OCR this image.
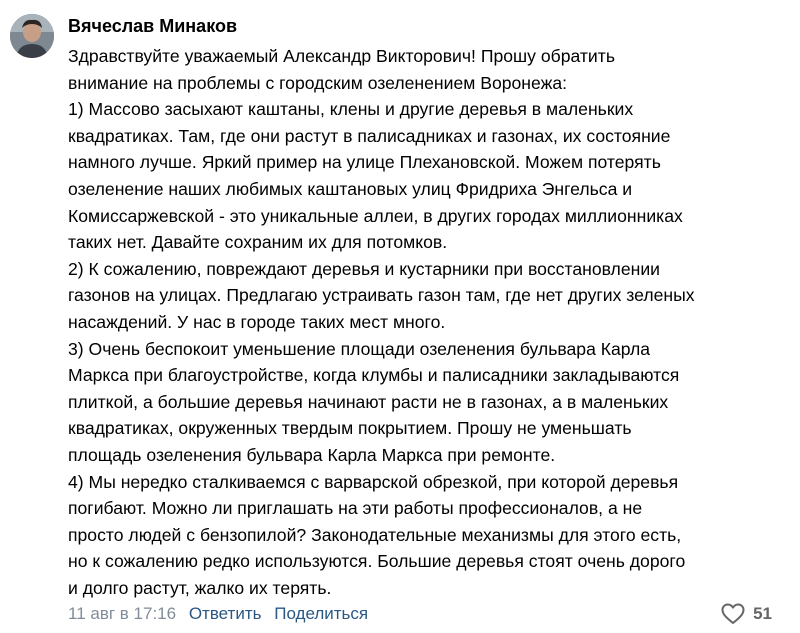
Вячеслав Минаков
Здравствуйте уважаемый Александр Викторович! Прошу обратить
внимание на проблемы с городским озеленением Воронежа:
1) Массово засыхают каштаны, клены и другие деревья в маленьких
квадратиках. Там, где они растут в палисадниках и газонах, их состояние
намного лучше. Яркий пример на улице Плехановской. Можем потерять
озеленение наших любимых каштановых улиц Фридриха Энгельса и
Комиссаржевской - это уникальные аллеи, в других городах миллионниках
таких нет. Давайте сохраним их для потомков.
2) К сожалению, повреждают деревья и кустарники при восстановлении
газонов на улицах. Предлагаю устраивать газон там, где нет других зеленых
насаждений. У нас в городе таких мест много.
3) Очень беспокоит уменьшение площади озеленения бульвара Карла
Маркса при благоустройстве, когда клумбы и палисадники закладываются
плиткой, а большие деревья начинают расти не в газонах, а в маленьких
квадратиках, окруженных твердым покрытием. Прошу не уменьшать
площадь озеленения бульвара Карла Маркса при ремонте.
4) Мы нередко сталкиваемся с варварской обрезкой, при которой деревья
погибают. Можно ли приглашать на эти работы профессионалов, а не
просто людей с бензопилой? Законодательные механизмы для этого есть,
но к сожалению редко используются. Большие деревья стоят очень дорого
и долго растут, жалко их терять.
11 авг в 17:16 Ответить Поделиться	51
